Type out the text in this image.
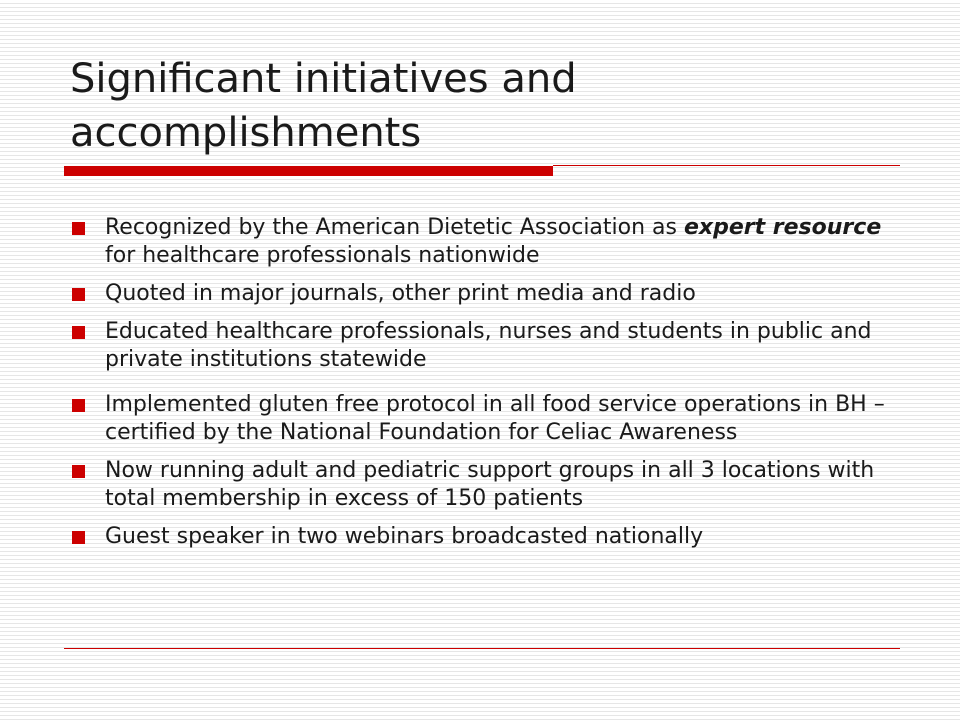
Significant initiatives and accomplishments
Recognized by the American Dietetic Association as expert resource for healthcare professionals nationwide
Quoted in major journals, other print media and radio
Educated healthcare professionals, nurses and students in public and private institutions statewide
Implemented gluten free protocol in all food service operations in BH – certified by the National Foundation for Celiac Awareness
Now running adult and pediatric support groups in all 3 locations with total membership in excess of 150 patients
Guest speaker in two webinars broadcasted nationally
